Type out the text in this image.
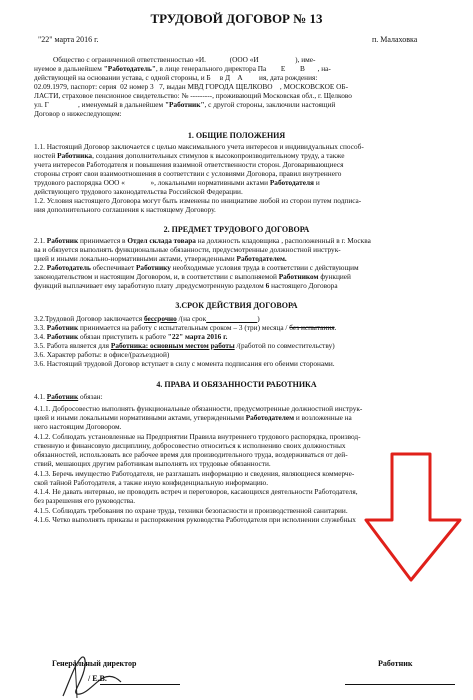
ТРУДОВОЙ ДОГОВОР № 13
"22" марта 2016 г.	п. Малаховка
Общество с ограниченной ответственностью «И.	(ООО «И	), име-
нуемое в дальнейшем "Работодатель", в лице генерального директора Па Е В , на-
действующей на основании устава, с одной стороны, и Б в Д А ия, дата рождения:
02.09.1979, паспорт: серия 02 номер 3 7, выдан МВД ГОРОДА ЩЕЛКОВО , МОСКОВСКОЕ ОБ-
ЛАСТИ, страховое пенсионное свидетельство: № ---------, проживающий Московская обл., г. Щелково
ул. Г	, именуемый в дальнейшем "Работник", с другой стороны, заключили настоящий
Договор о нижеследующем:
1. ОБЩИЕ ПОЛОЖЕНИЯ
1.1. Настоящий Договор заключается с целью максимального учета интересов и индивидуальных способ-
ностей Работника, создания дополнительных стимулов к высокопроизводительному труду, а также
учета интересов Работодателя и повышения взаимной ответственности сторон. Договаривающиеся
стороны строят свои взаимоотношения в соответствии с условиями Договора, правил внутреннего
трудового распорядка ООО «	», локальными нормативными актами Работодателя и
действующего трудового законодательства Российской Федерации.
1.2. Условия настоящего Договора могут быть изменены по инициативе любой из сторон путем подписа-
ния дополнительного соглашения к настоящему Договору.
2. ПРЕДМЕТ ТРУДОВОГО ДОГОВОРА
2.1. Работник принимается в Отдел склада товара на должность кладовщика , расположенный в г. Москва
ва и обязуется выполнять функциональные обязанности, предусмотренные должностной инструк-
цией и иными локально-нормативными актами, утвержденными Работодателем.
2.2. Работодатель обеспечивает Работнику необходимые условия труда в соответствии с действующим
законодательством и настоящим Договором, и, в соответствии с выполняемой Работником функцией
функций выплачивает ему заработную плату ,предусмотренную разделом 6 настоящего Договора
3.СРОК ДЕЙСТВИЯ ДОГОВОРА
3.2.Трудовой Договор заключается бессрочно /(на срок	)
3.3. Работник принимается на работу с испытательным сроком – 3 (три) месяца / без испытания.
3.4. Работник обязан приступить к работе "22" марта 2016 г.
3.5. Работа является для Работника: основным местом работы /(работой по совместительству)
3.6. Характер работы: в офисе/(разъездной)
3.6. Настоящий трудовой Договор вступает в силу с момента подписания его обеими сторонами.
4. ПРАВА И ОБЯЗАННОСТИ РАБОТНИКА
4.1. Работник обязан:
4.1.1. Добросовестно выполнять функциональные обязанности, предусмотренные должностной инструк-
цией и иными локальными нормативными актами, утвержденными Работодателем и возложенные на
него настоящим Договором.
4.1.2. Соблюдать установленные на Предприятии Правила внутреннего трудового распорядка, производ-
ственную и финансовую дисциплину, добросовестно относиться к исполнению своих должностных
обязанностей, использовать все рабочее время для производительного труда, воздерживаться от дей-
ствий, мешающих другим работникам выполнять их трудовые обязанности.
4.1.3. Беречь имущество Работодателя, не разглашать информацию и сведения, являющиеся коммерче-
ской тайной Работодателя, а также иную конфиденциальную информацию.
4.1.4. Не давать интервью, не проводить встреч и переговоров, касающихся деятельности Работодателя,
без разрешения его руководства.
4.1.5. Соблюдать требования по охране труда, техники безопасности и производственной санитарии.
4.1.6. Четко выполнять приказы и распоряжения руководства Работодателя при исполнении служебных
Генеральный директор
/ Е.В.
Работник
